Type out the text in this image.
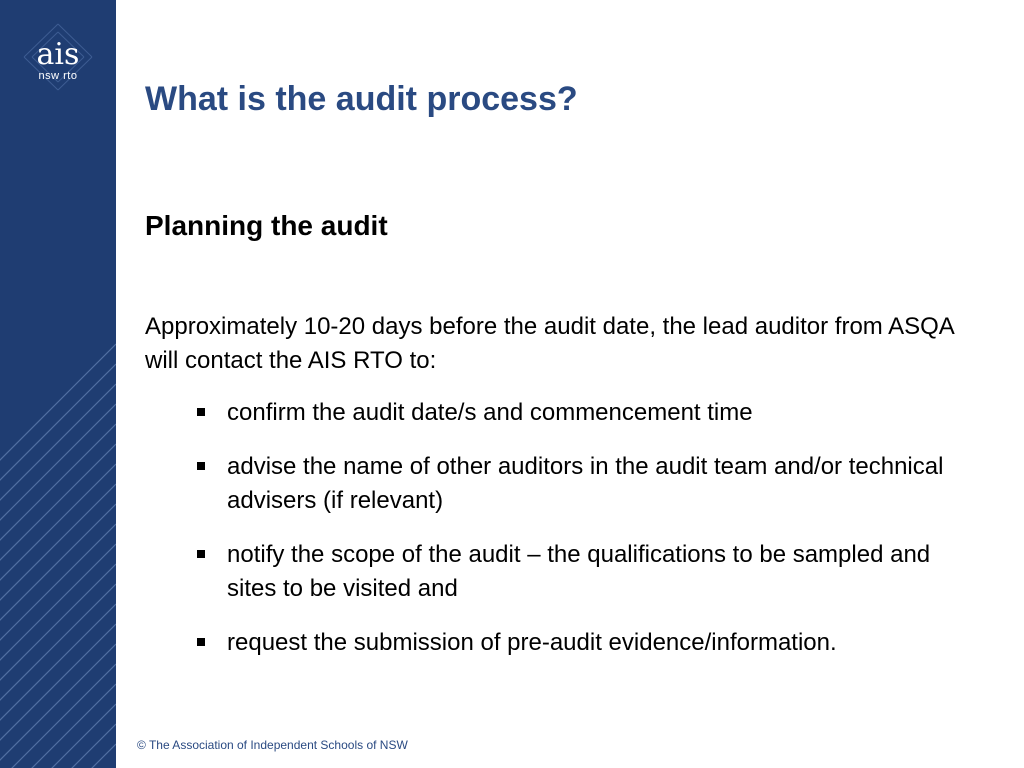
ais
nsw rto
What is the audit process?
Planning the audit

Approximately 10-20 days before the audit date, the lead auditor from ASQA will contact the AIS RTO to:

confirm the audit date/s and commencement time
advise the name of other auditors in the audit team and/or technical advisers (if relevant)
notify the scope of the audit – the qualifications to be sampled and sites to be visited and
request the submission of pre-audit evidence/information.

© The Association of Independent Schools of NSW
